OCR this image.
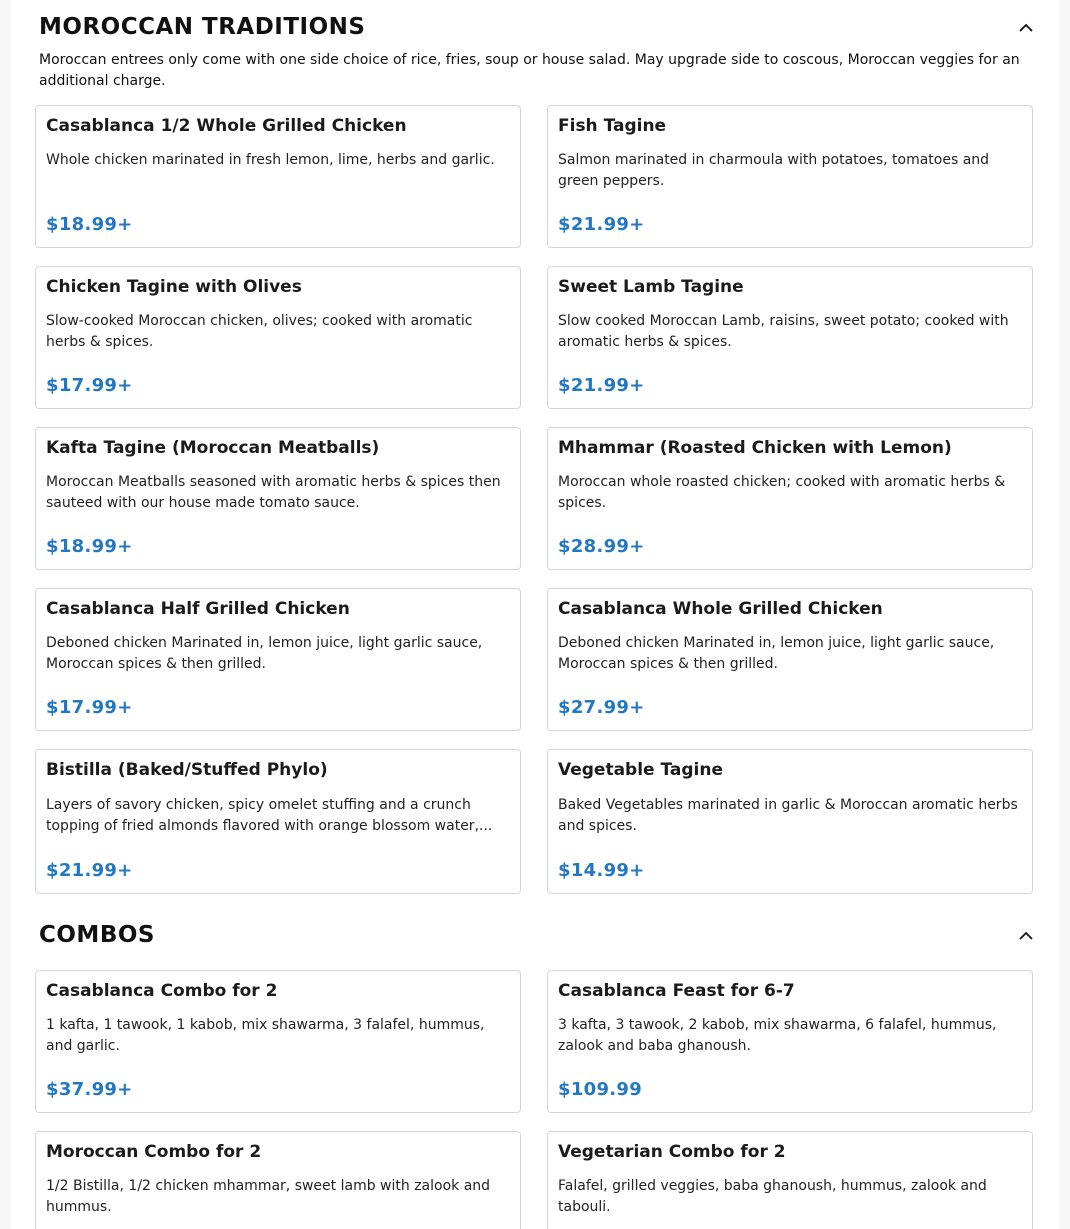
MOROCCAN TRADITIONS
Moroccan entrees only come with one side choice of rice, fries, soup or house salad. May upgrade side to coscous, Moroccan veggies for an additional charge.
Casablanca 1/2 Whole Grilled Chicken
Whole chicken marinated in fresh lemon, lime, herbs and garlic.
$18.99+
Fish Tagine
Salmon marinated in charmoula with potatoes, tomatoes and green peppers.
$21.99+
Chicken Tagine with Olives
Slow-cooked Moroccan chicken, olives; cooked with aromatic herbs & spices.
$17.99+
Sweet Lamb Tagine
Slow cooked Moroccan Lamb, raisins, sweet potato; cooked with aromatic herbs & spices.
$21.99+
Kafta Tagine (Moroccan Meatballs)
Moroccan Meatballs seasoned with aromatic herbs & spices then sauteed with our house made tomato sauce.
$18.99+
Mhammar (Roasted Chicken with Lemon)
Moroccan whole roasted chicken; cooked with aromatic herbs & spices.
$28.99+
Casablanca Half Grilled Chicken
Deboned chicken Marinated in, lemon juice, light garlic sauce, Moroccan spices & then grilled.
$17.99+
Casablanca Whole Grilled Chicken
Deboned chicken Marinated in, lemon juice, light garlic sauce, Moroccan spices & then grilled.
$27.99+
Bistilla (Baked/Stuffed Phylo)
Layers of savory chicken, spicy omelet stuffing and a crunch topping of fried almonds flavored with orange blossom water,...
$21.99+
Vegetable Tagine
Baked Vegetables marinated in garlic & Moroccan aromatic herbs and spices.
$14.99+
COMBOS
Casablanca Combo for 2
1 kafta, 1 tawook, 1 kabob, mix shawarma, 3 falafel, hummus, and garlic.
$37.99+
Casablanca Feast for 6-7
3 kafta, 3 tawook, 2 kabob, mix shawarma, 6 falafel, hummus, zalook and baba ghanoush.
$109.99
Moroccan Combo for 2
1/2 Bistilla, 1/2 chicken mhammar, sweet lamb with zalook and hummus.
Vegetarian Combo for 2
Falafel, grilled veggies, baba ghanoush, hummus, zalook and tabouli.
